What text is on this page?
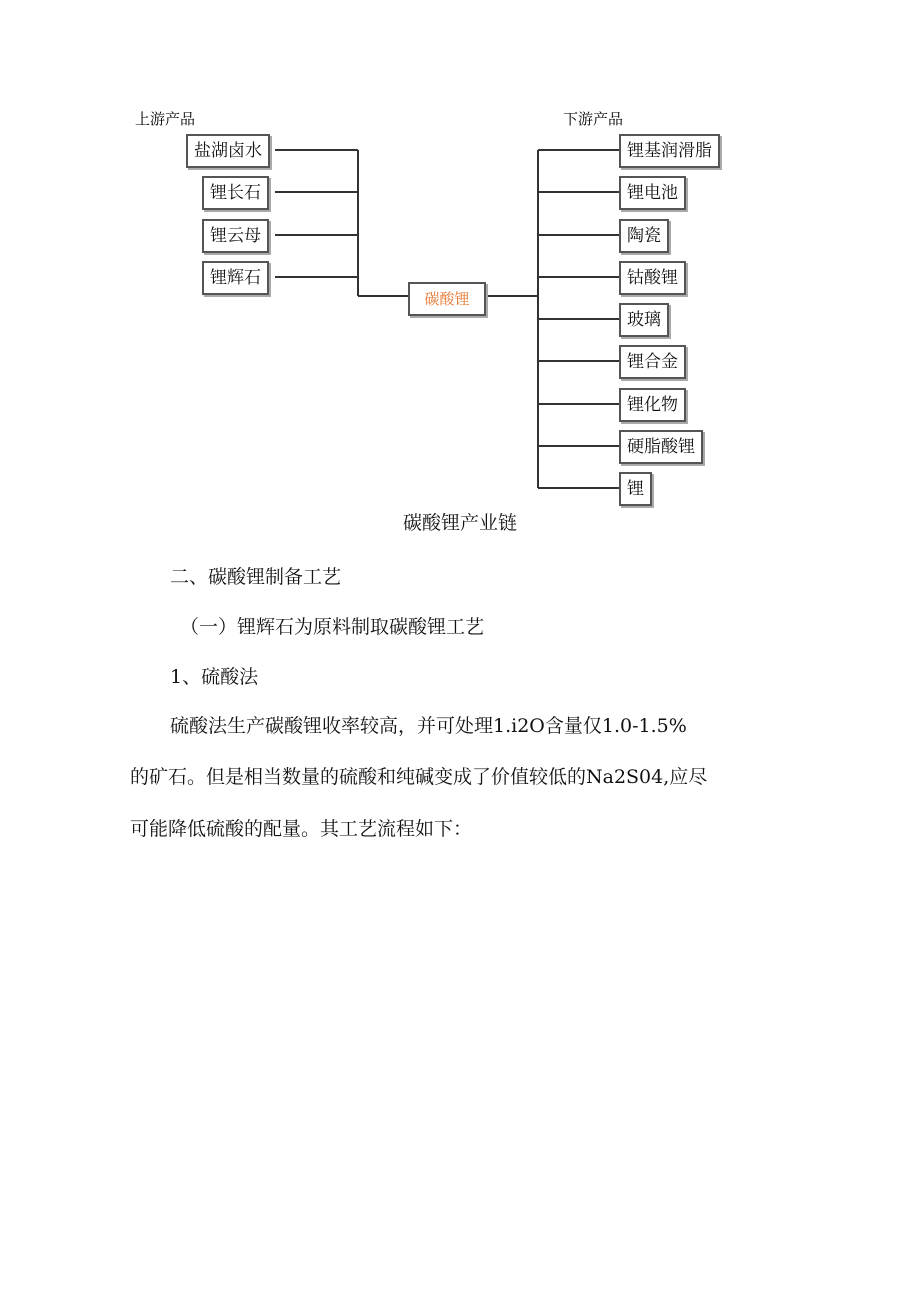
上游产品	下游产品
盐湖卤水
锂长石
锂云母
锂辉石
碳酸锂
锂基润滑脂
锂电池
陶瓷
钴酸锂
玻璃
锂合金
锂化物
硬脂酸锂
锂
碳酸锂产业链
二、碳酸锂制备工艺
（一）锂辉石为原料制取碳酸锂工艺
1、硫酸法
硫酸法生产碳酸锂收率较高，并可处理1.i2O含量仅1.0-1.5%
的矿石。但是相当数量的硫酸和纯碱变成了价值较低的Na2S04,应尽
可能降低硫酸的配量。其工艺流程如下：
